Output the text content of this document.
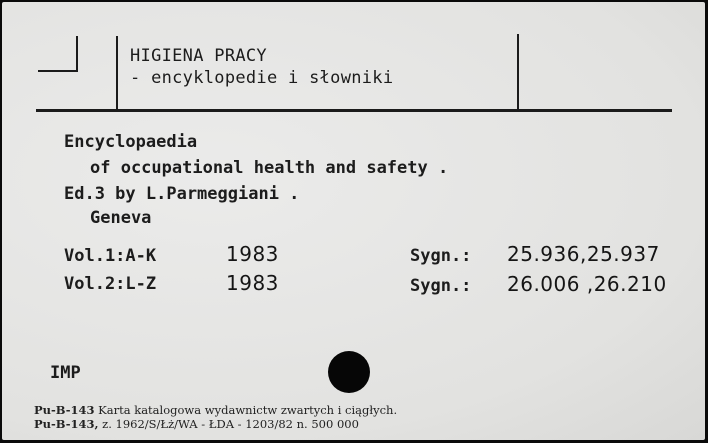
HIGIENA PRACY
- encyklopedie i słowniki
Encyclopaedia
of occupational health and safety .
Ed.3 by L.Parmeggiani .
Geneva
Vol.1:A-K	1983	Sygn.: 25.936,25.937
Vol.2:L-Z	1983	Sygn.: 26.006 ,26.210
IMP
Pu-B-143 Karta katalogowa wydawnictw zwartych i ciągłych.
Pu-B-143, z. 1962/S/Łż/WA - ŁDA - 1203/82 n. 500 000
